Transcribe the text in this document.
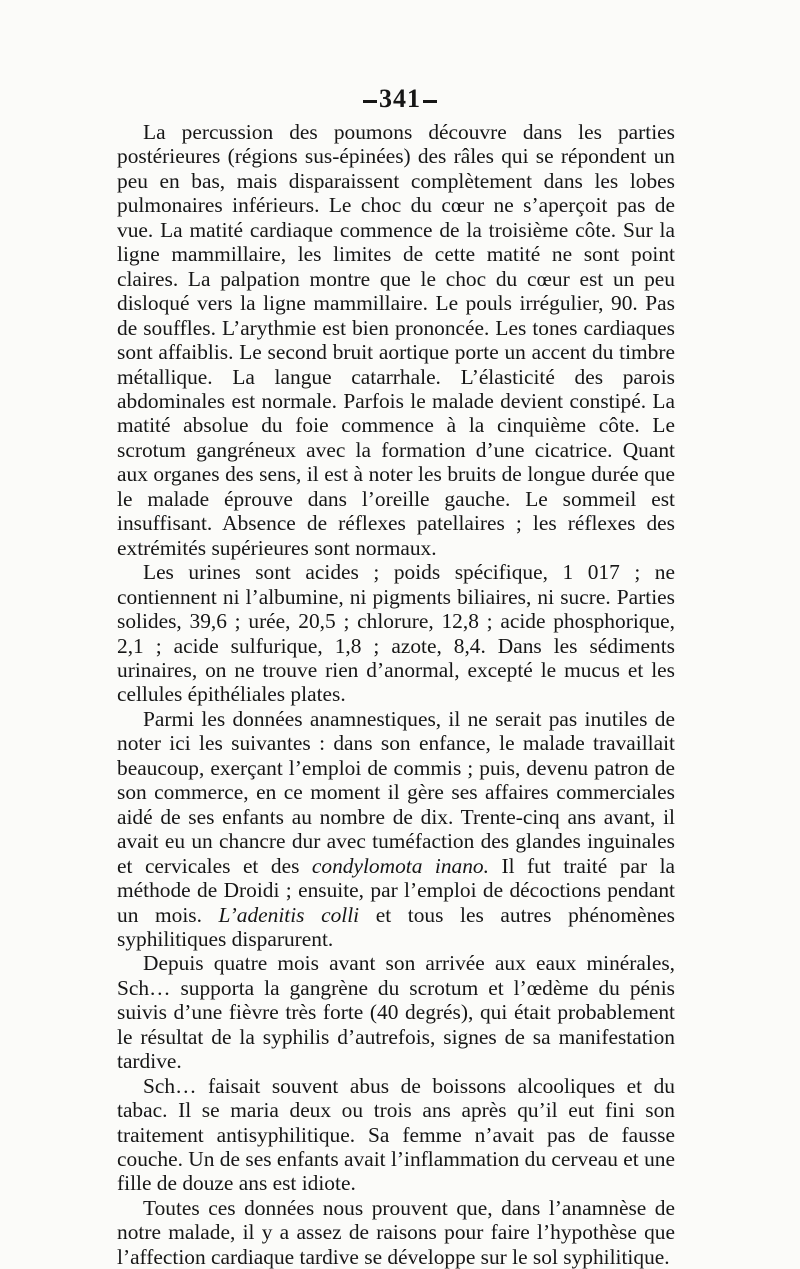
341

La percussion des poumons découvre dans les parties postérieures (régions sus-épinées) des râles qui se répondent un peu en bas, mais disparaissent complètement dans les lobes pulmonaires inférieurs. Le choc du cœur ne s’aperçoit pas de vue. La matité cardiaque commence de la troisième côte. Sur la ligne mammillaire, les limites de cette matité ne sont point claires. La palpation montre que le choc du cœur est un peu disloqué vers la ligne mammillaire. Le pouls irrégulier, 90. Pas de souffles. L’arythmie est bien prononcée. Les tones cardiaques sont affaiblis. Le second bruit aortique porte un accent du timbre métallique. La langue catarrhale. L’élasticité des parois abdominales est normale. Parfois le malade devient constipé. La matité absolue du foie commence à la cinquième côte. Le scrotum gangréneux avec la formation d’une cicatrice. Quant aux organes des sens, il est à noter les bruits de longue durée que le malade éprouve dans l’oreille gauche. Le sommeil est insuffisant. Absence de réflexes patellaires ; les réflexes des extrémités supérieures sont normaux.

Les urines sont acides ; poids spécifique, 1 017 ; ne contiennent ni l’albumine, ni pigments biliaires, ni sucre. Parties solides, 39,6 ; urée, 20,5 ; chlorure, 12,8 ; acide phosphorique, 2,1 ; acide sulfurique, 1,8 ; azote, 8,4. Dans les sédiments urinaires, on ne trouve rien d’anormal, excepté le mucus et les cellules épithéliales plates.

Parmi les données anamnestiques, il ne serait pas inutiles de noter ici les suivantes : dans son enfance, le malade travaillait beaucoup, exerçant l’emploi de commis ; puis, devenu patron de son commerce, en ce moment il gère ses affaires commerciales aidé de ses enfants au nombre de dix. Trente-cinq ans avant, il avait eu un chancre dur avec tuméfaction des glandes inguinales et cervicales et des condylomota inano. Il fut traité par la méthode de Droidi ; ensuite, par l’emploi de décoctions pendant un mois. L’adenitis colli et tous les autres phénomènes syphilitiques disparurent.

Depuis quatre mois avant son arrivée aux eaux minérales, Sch… supporta la gangrène du scrotum et l’œdème du pénis suivis d’une fièvre très forte (40 degrés), qui était probablement le résultat de la syphilis d’autrefois, signes de sa manifestation tardive.

Sch… faisait souvent abus de boissons alcooliques et du tabac. Il se maria deux ou trois ans après qu’il eut fini son traitement antisyphilitique. Sa femme n’avait pas de fausse couche. Un de ses enfants avait l’inflammation du cerveau et une fille de douze ans est idiote.

Toutes ces données nous prouvent que, dans l’anamnèse de notre malade, il y a assez de raisons pour faire l’hypothèse que l’affection cardiaque tardive se développe sur le sol syphilitique.
